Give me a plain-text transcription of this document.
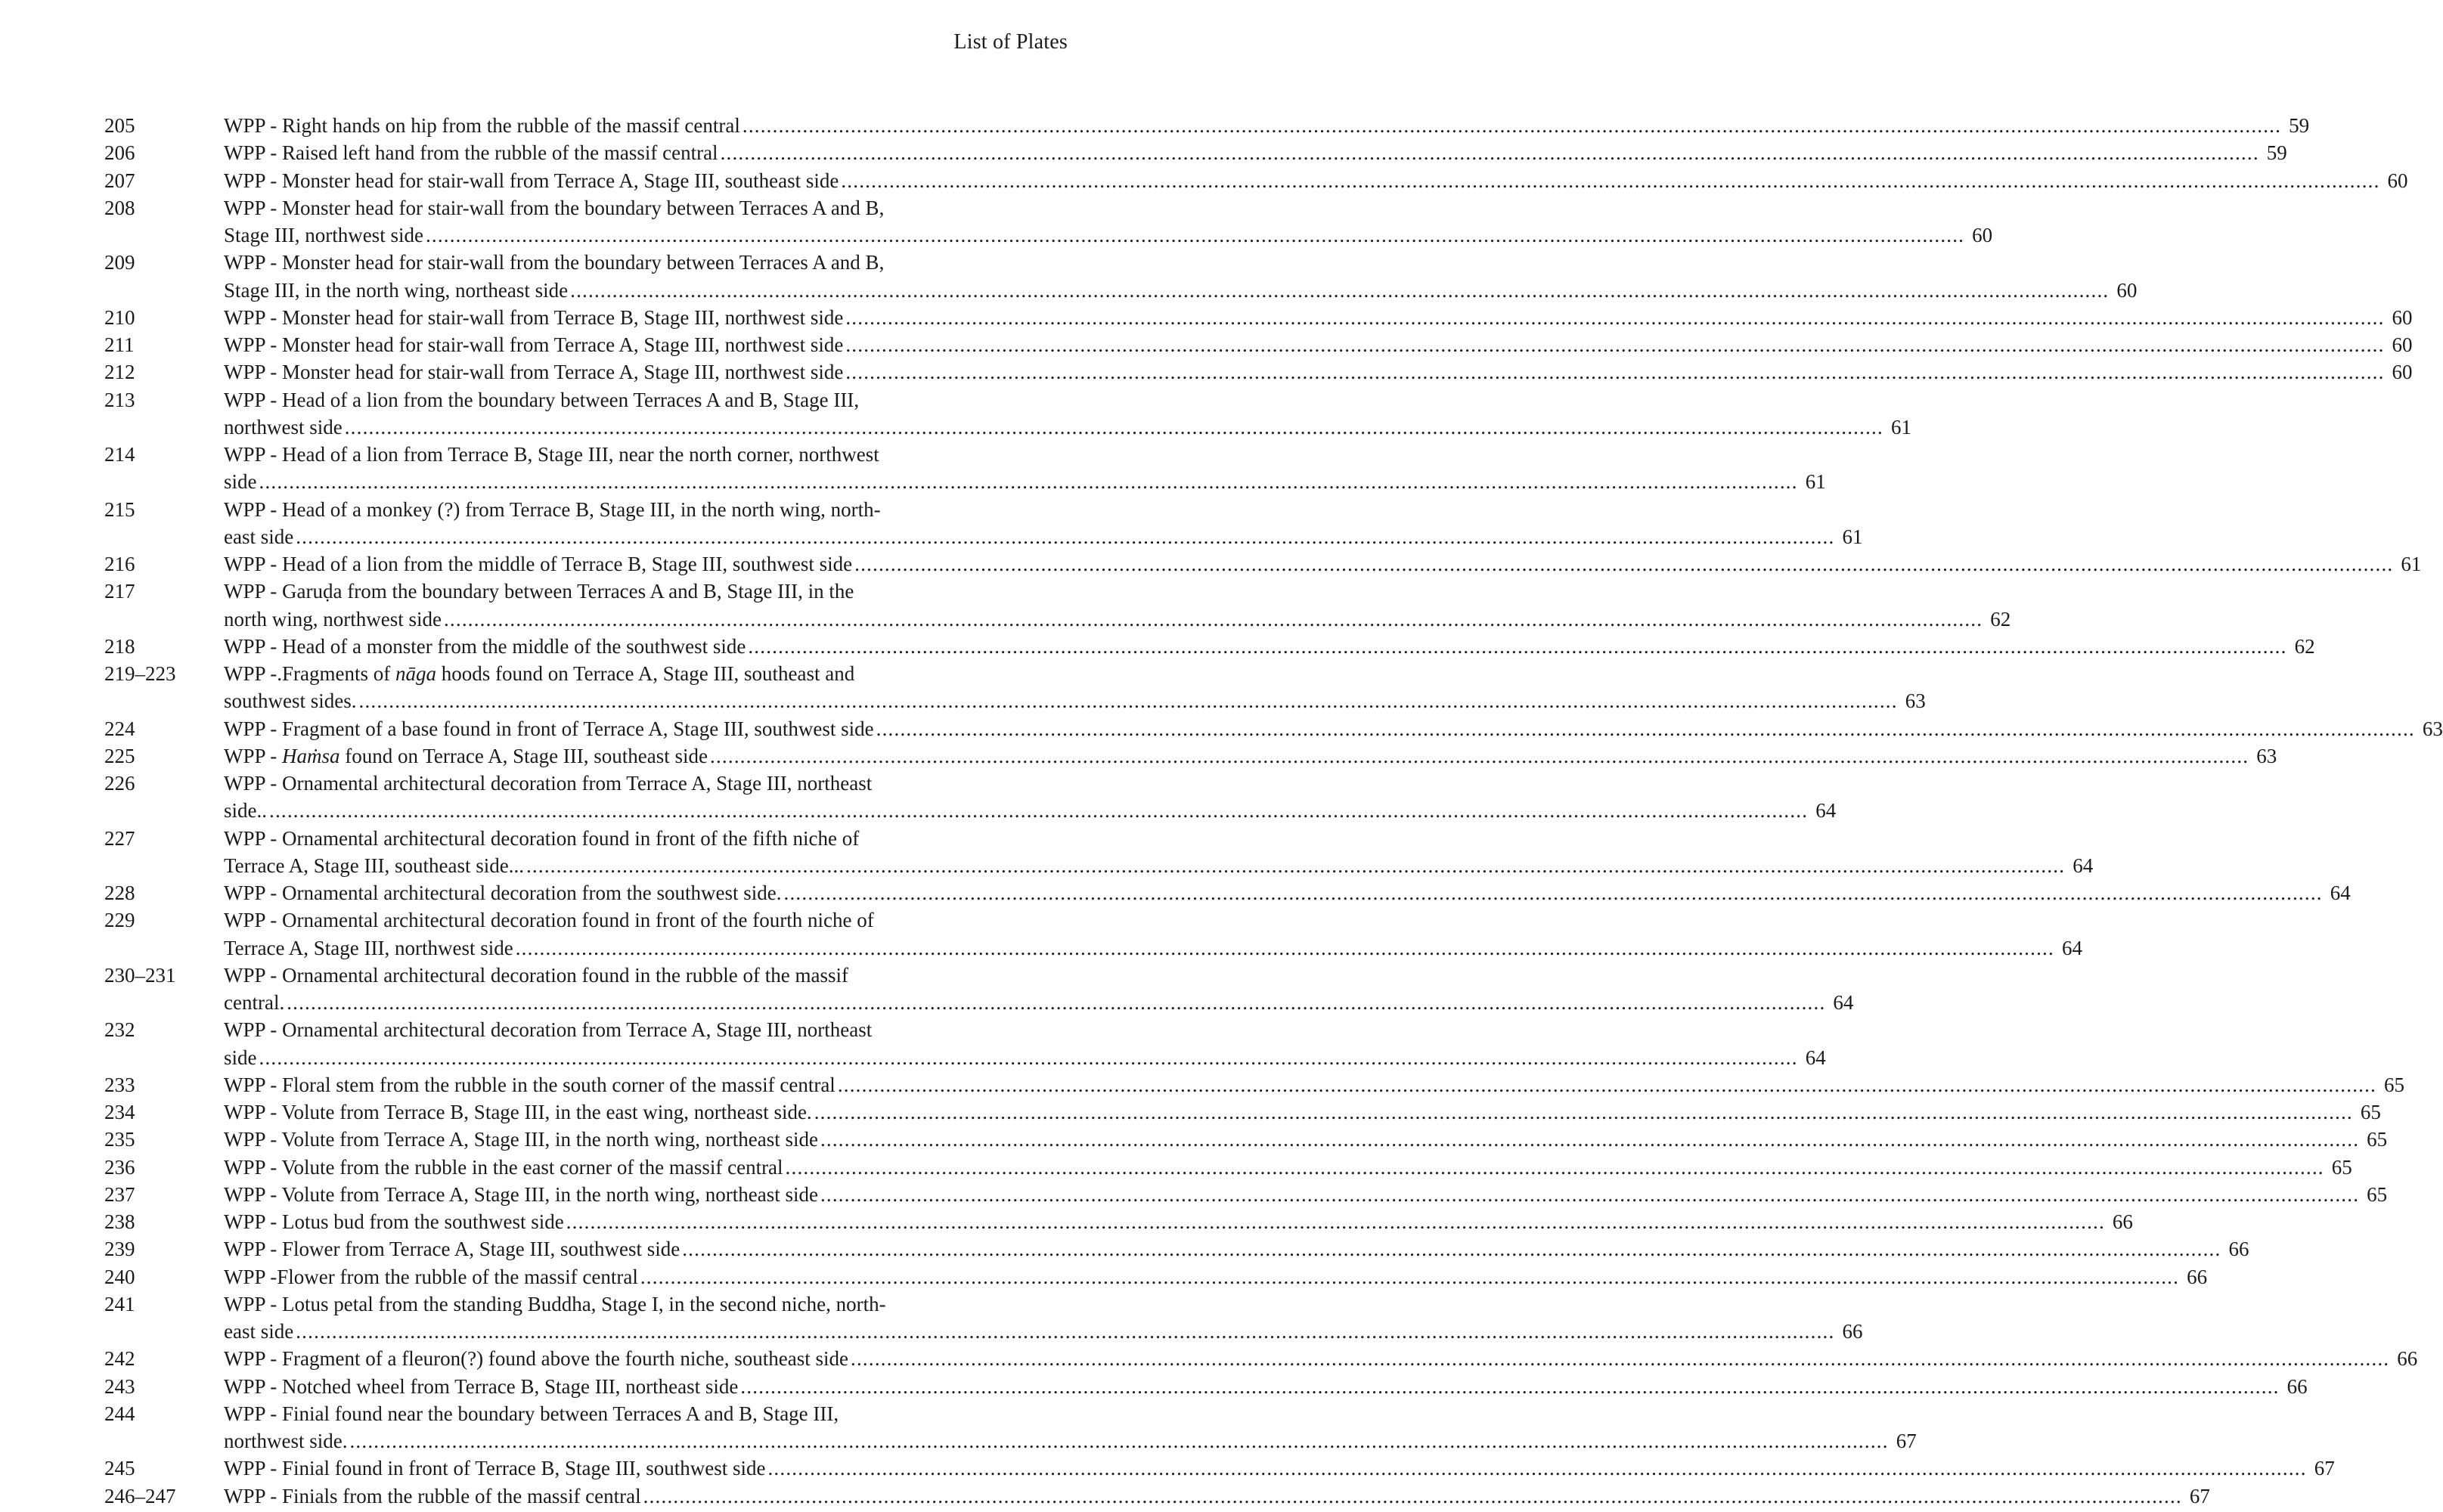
List of Plates
205	WPP - Right hands on hip from the rubble of the massif central .....	59
206	WPP - Raised left hand from the rubble of the massif central .....	59
207	WPP - Monster head for stair-wall from Terrace A, Stage III, southeast side .....	60
208	WPP - Monster head for stair-wall from the boundary between Terraces A and B,
Stage III, northwest side .....	60
209	WPP - Monster head for stair-wall from the boundary between Terraces A and B,
Stage III, in the north wing, northeast side .....	60
210	WPP - Monster head for stair-wall from Terrace B, Stage III, northwest side .....	60
211	WPP - Monster head for stair-wall from Terrace A, Stage III, northwest side .....	60
212	WPP - Monster head for stair-wall from Terrace A, Stage III, northwest side .....	60
213	WPP - Head of a lion from the boundary between Terraces A and B, Stage III,
northwest side .....	61
214	WPP - Head of a lion from Terrace B, Stage III, near the north corner, northwest
side .....	61
215	WPP - Head of a monkey (?) from Terrace B, Stage III, in the north wing, north-
east side .....	61
216	WPP - Head of a lion from the middle of Terrace B, Stage III, southwest side .....	61
217	WPP - Garuḍa from the boundary between Terraces A and B, Stage III, in the
north wing, northwest side .....	62
218	WPP - Head of a monster from the middle of the southwest side .....	62
219–223	WPP -.Fragments of nāga hoods found on Terrace A, Stage III, southeast and
southwest sides. .....	63
224	WPP - Fragment of a base found in front of Terrace A, Stage III, southwest side .....	63
225	WPP - Haṁsa found on Terrace A, Stage III, southeast side .....	63
226	WPP - Ornamental architectural decoration from Terrace A, Stage III, northeast
side.. .....	64
227	WPP - Ornamental architectural decoration found in front of the fifth niche of
Terrace A, Stage III, southeast side... .....	64
228	WPP - Ornamental architectural decoration from the southwest side. .....	64
229	WPP - Ornamental architectural decoration found in front of the fourth niche of
Terrace A, Stage III, northwest side .....	64
230–231	WPP - Ornamental architectural decoration found in the rubble of the massif
central. .....	64
232	WPP - Ornamental architectural decoration from Terrace A, Stage III, northeast
side .....	64
233	WPP - Floral stem from the rubble in the south corner of the massif central .....	65
234	WPP - Volute from Terrace B, Stage III, in the east wing, northeast side. .....	65
235	WPP - Volute from Terrace A, Stage III, in the north wing, northeast side .....	65
236	WPP - Volute from the rubble in the east corner of the massif central .....	65
237	WPP - Volute from Terrace A, Stage III, in the north wing, northeast side .....	65
238	WPP - Lotus bud from the southwest side .....	66
239	WPP - Flower from Terrace A, Stage III, southwest side .....	66
240	WPP -Flower from the rubble of the massif central .....	66
241	WPP - Lotus petal from the standing Buddha, Stage I, in the second niche, north-
east side .....	66
242	WPP - Fragment of a fleuron(?) found above the fourth niche, southeast side .....	66
243	WPP - Notched wheel from Terrace B, Stage III, northeast side .....	66
244	WPP - Finial found near the boundary between Terraces A and B, Stage III,
northwest side. .....	67
245	WPP - Finial found in front of Terrace B, Stage III, southwest side .....	67
246–247	WPP - Finials from the rubble of the massif central .....	67
